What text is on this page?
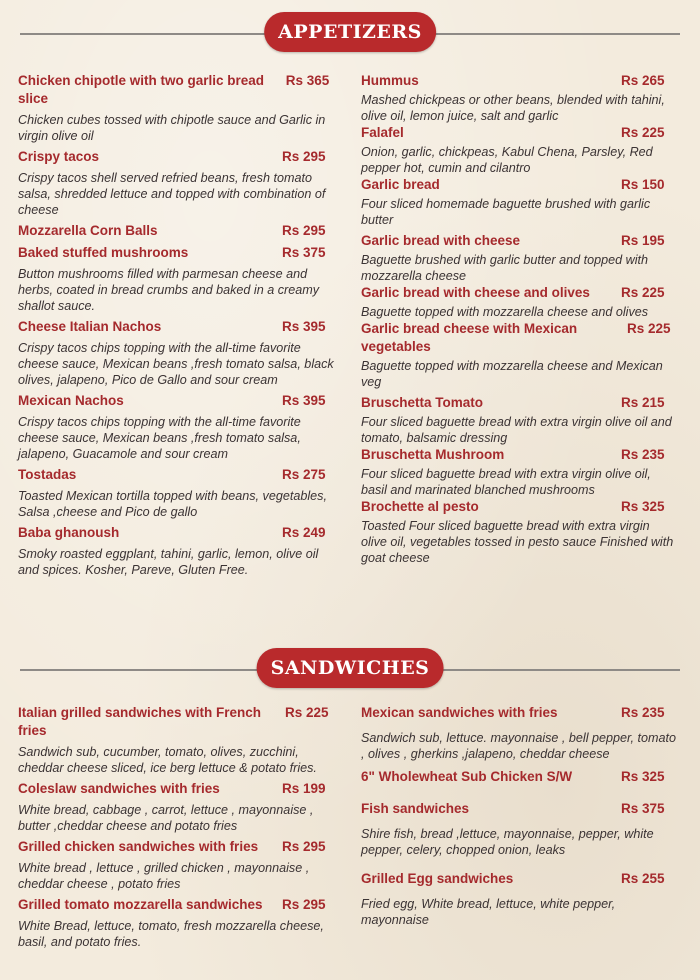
APPETIZERS
Chicken chipotle with two garlic bread slice
Rs 365
Chicken cubes tossed with chipotle sauce and Garlic in virgin olive oil
Crispy tacos	Rs 295
Crispy tacos shell served refried beans, fresh tomato salsa, shredded lettuce and topped with combination of cheese
Mozzarella Corn Balls	Rs 295
Baked stuffed mushrooms	Rs 375
Button mushrooms filled with parmesan cheese and herbs, coated in bread crumbs and baked in a creamy shallot sauce.
Cheese Italian Nachos	Rs 395
Crispy tacos chips topping with the all-time favorite cheese sauce, Mexican beans ,fresh tomato salsa, black olives, jalapeno, Pico de Gallo and sour cream
Mexican Nachos	Rs 395
Crispy tacos chips topping with the all-time favorite cheese sauce, Mexican beans ,fresh tomato salsa, jalapeno, Guacamole and sour cream
Tostadas	Rs 275
Toasted Mexican tortilla topped with beans, vegetables, Salsa ,cheese and Pico de gallo
Baba ghanoush	Rs 249
Smoky roasted eggplant, tahini, garlic, lemon, olive oil and spices. Kosher, Pareve, Gluten Free.
Hummus	Rs 265
Mashed chickpeas or other beans, blended with tahini, olive oil, lemon juice, salt and garlic
Falafel	Rs 225
Onion, garlic, chickpeas, Kabul Chena, Parsley, Red pepper hot, cumin and cilantro
Garlic bread	Rs 150
Four sliced homemade baguette brushed with garlic butter
Garlic bread with cheese	Rs 195
Baguette brushed with garlic butter and topped with mozzarella cheese
Garlic bread with cheese and olives	Rs 225
Baguette topped with mozzarella cheese and olives
Garlic bread cheese with Mexican vegetables
Rs 225
Baguette topped with mozzarella cheese and Mexican veg
Bruschetta Tomato	Rs 215
Four sliced baguette bread with extra virgin olive oil and tomato, balsamic dressing
Bruschetta Mushroom	Rs 235
Four sliced baguette bread with extra virgin olive oil, basil and marinated blanched mushrooms
Brochette al pesto	Rs 325
Toasted Four sliced baguette bread with extra virgin olive oil, vegetables tossed in pesto sauce Finished with goat cheese
SANDWICHES
Italian grilled sandwiches with French fries
Rs 225
Sandwich sub, cucumber, tomato, olives, zucchini, cheddar cheese sliced, ice berg lettuce & potato fries.
Coleslaw sandwiches with fries	Rs 199
White bread, cabbage , carrot, lettuce , mayonnaise , butter ,cheddar cheese and potato fries
Grilled chicken sandwiches with fries	Rs 295
White bread , lettuce , grilled chicken , mayonnaise , cheddar cheese , potato fries
Grilled tomato mozzarella sandwiches	Rs 295
White Bread, lettuce, tomato, fresh mozzarella cheese, basil, and potato fries.
Mexican sandwiches with fries	Rs 235
Sandwich sub, lettuce. mayonnaise , bell pepper, tomato , olives , gherkins ,jalapeno, cheddar cheese
6" Wholewheat Sub Chicken S/W	Rs 325
Fish sandwiches	Rs 375
Shire fish, bread ,lettuce, mayonnaise, pepper, white pepper, celery, chopped onion, leaks
Grilled Egg sandwiches	Rs 255
Fried egg, White bread, lettuce, white pepper, mayonnaise
